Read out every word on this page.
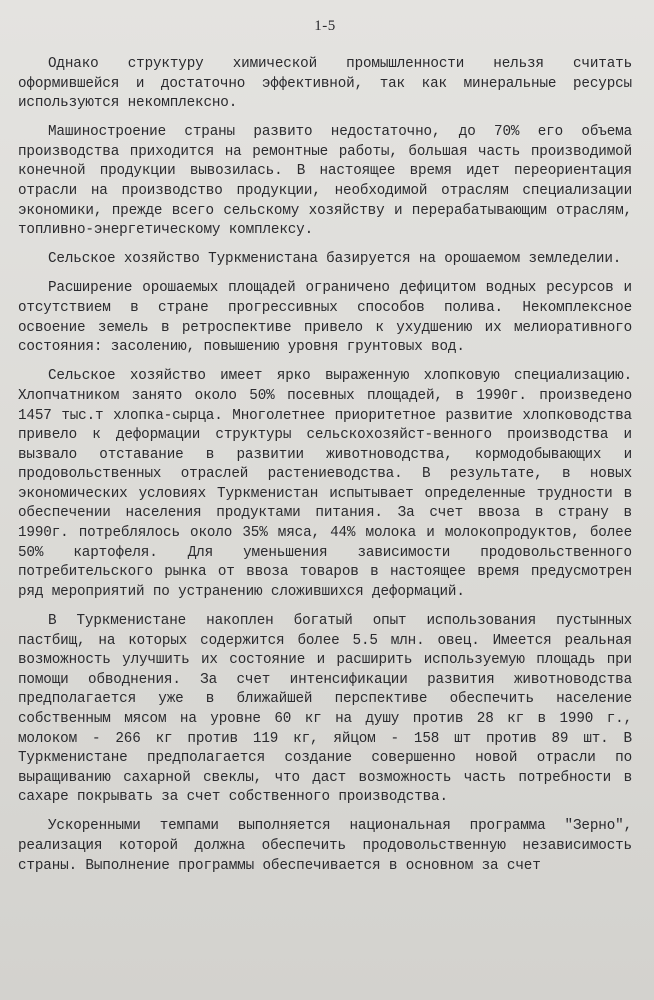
1-5

Однако структуру химической промышленности нельзя считать оформившейся и достаточно эффективной, так как минеральные ресурсы используются некомплексно.

Машиностроение страны развито недостаточно, до 70% его объема производства приходится на ремонтные работы, большая часть производимой конечной продукции вывозилась. В настоящее время идет переориентация отрасли на производство продукции, необходимой отраслям специализации экономики, прежде всего сельскому хозяйству и перерабатывающим отраслям, топливно-энергетическому комплексу.

Сельское хозяйство Туркменистана базируется на орошаемом земледелии.

Расширение орошаемых площадей ограничено дефицитом водных ресурсов и отсутствием в стране прогрессивных способов полива. Некомплексное освоение земель в ретроспективе привело к ухудшению их мелиоративного состояния: засолению, повышению уровня грунтовых вод.

Сельское хозяйство имеет ярко выраженную хлопковую специализацию. Хлопчатником занято около 50% посевных площадей, в 1990г. произведено 1457 тыс.т хлопка-сырца. Многолетнее приоритетное развитие хлопководства привело к деформации структуры сельскохозяйст-венного производства и вызвало отставание в развитии животноводства, кормодобывающих и продовольственных отраслей растениеводства. В результате, в новых экономических условиях Туркменистан испытывает определенные трудности в обеспечении населения продуктами питания. За счет ввоза в страну в 1990г. потреблялось около 35% мяса, 44% молока и молокопродуктов, более 50% картофеля. Для уменьшения зависимости продовольственного потребительского рынка от ввоза товаров в настоящее время предусмотрен ряд мероприятий по устранению сложившихся деформаций.

В Туркменистане накоплен богатый опыт использования пустынных пастбищ, на которых содержится более 5.5 млн. овец. Имеется реальная возможность улучшить их состояние и расширить используемую площадь при помощи обводнения. За счет интенсификации развития животноводства предполагается уже в ближайшей перспективе обеспечить население собственным мясом на уровне 60 кг на душу против 28 кг в 1990 г., молоком - 266 кг против 119 кг, яйцом - 158 шт против 89 шт. В Туркменистане предполагается создание совершенно новой отрасли по выращиванию сахарной свеклы, что даст возможность часть потребности в сахаре покрывать за счет собственного производства.

Ускоренными темпами выполняется национальная программа "Зерно", реализация которой должна обеспечить продовольственную независимость страны. Выполнение программы обеспечивается в основном за счет
